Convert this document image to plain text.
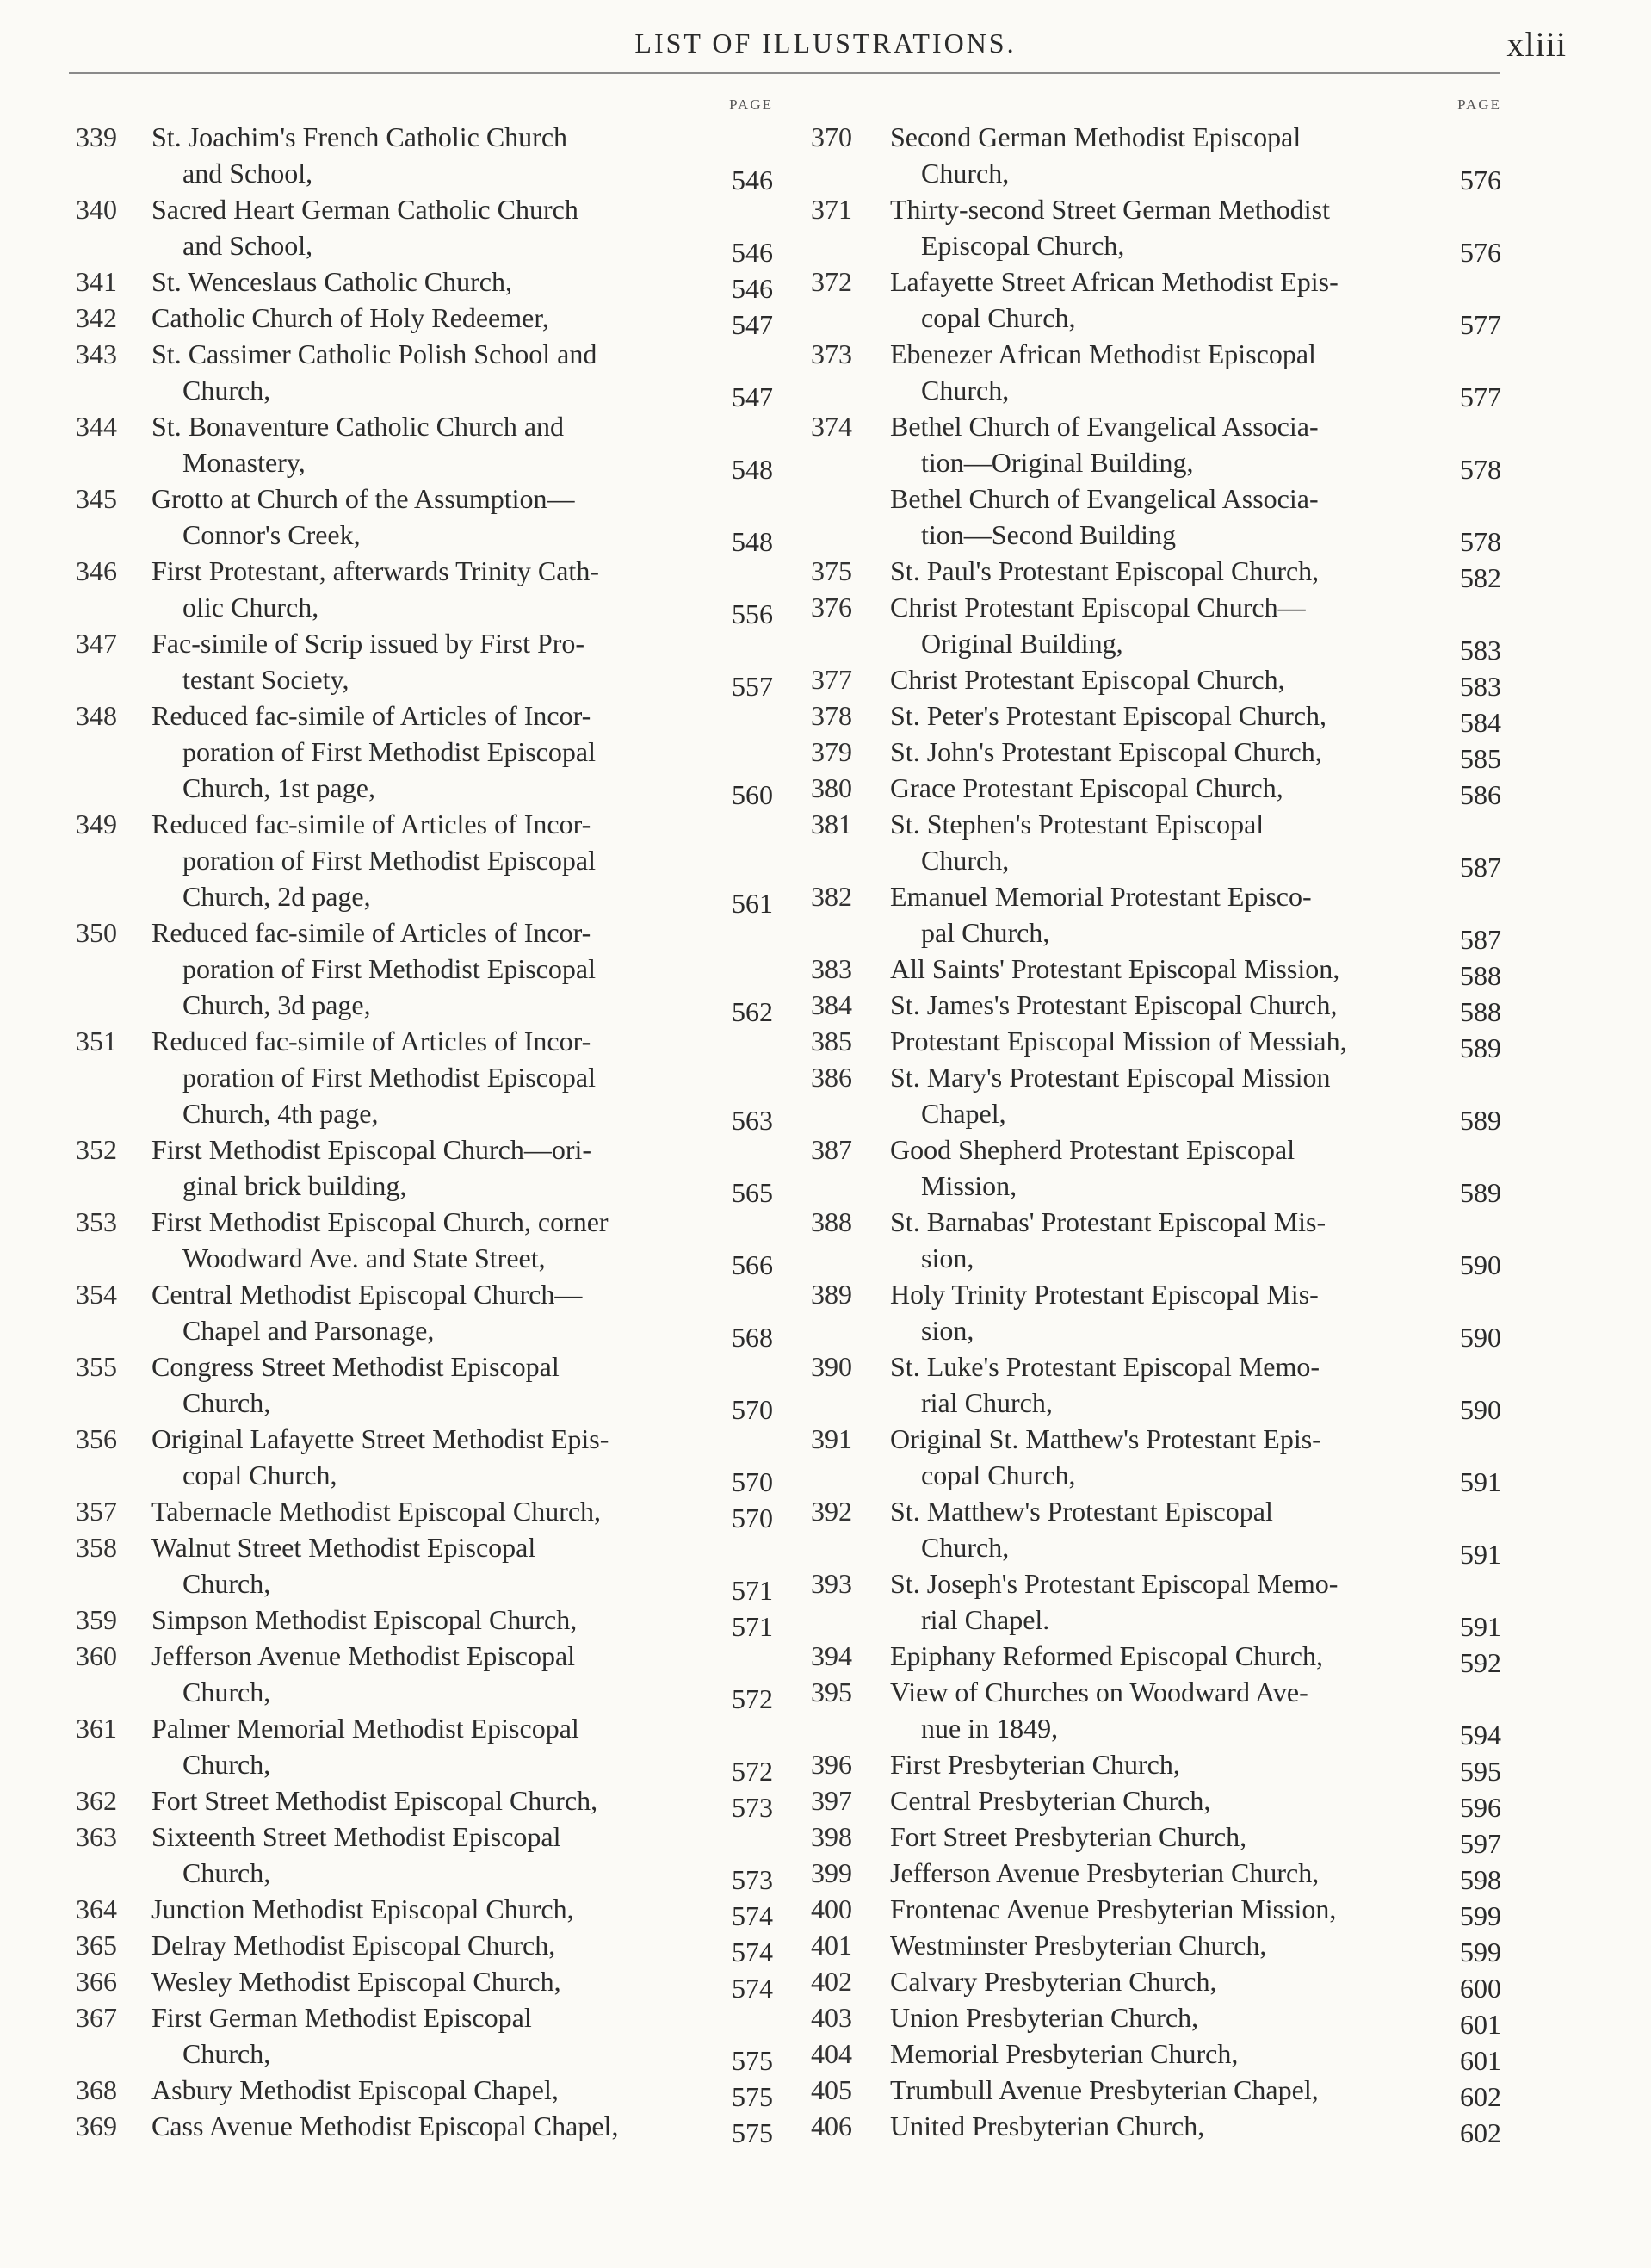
LIST OF ILLUSTRATIONS.	xliii
PAGE
339 St. Joachim's French Catholic Church
and School,	546
340 Sacred Heart German Catholic Church
and School,	546
341 St. Wenceslaus Catholic Church,	546
342 Catholic Church of Holy Redeemer,	547
343 St. Cassimer Catholic Polish School and
Church,	547
344 St. Bonaventure Catholic Church and
Monastery,	548
345 Grotto at Church of the Assumption—
Connor's Creek,	548
346 First Protestant, afterwards Trinity Cath-
olic Church,	556
347 Fac-simile of Scrip issued by First Pro-
testant Society,	557
348 Reduced fac-simile of Articles of Incor-
poration of First Methodist Episcopal
Church, 1st page,	560
349 Reduced fac-simile of Articles of Incor-
poration of First Methodist Episcopal
Church, 2d page,	561
350 Reduced fac-simile of Articles of Incor-
poration of First Methodist Episcopal
Church, 3d page,	562
351 Reduced fac-simile of Articles of Incor-
poration of First Methodist Episcopal
Church, 4th page,	563
352 First Methodist Episcopal Church—ori-
ginal brick building,	565
353 First Methodist Episcopal Church, corner
Woodward Ave. and State Street,	566
354 Central Methodist Episcopal Church—
Chapel and Parsonage,	568
355 Congress Street Methodist Episcopal
Church,	570
356 Original Lafayette Street Methodist Epis-
copal Church,	570
357 Tabernacle Methodist Episcopal Church,	570
358 Walnut Street Methodist Episcopal
Church,	571
359 Simpson Methodist Episcopal Church,	571
360 Jefferson Avenue Methodist Episcopal
Church,	572
361 Palmer Memorial Methodist Episcopal
Church,	572
362 Fort Street Methodist Episcopal Church,	573
363 Sixteenth Street Methodist Episcopal
Church,	573
364 Junction Methodist Episcopal Church,	574
365 Delray Methodist Episcopal Church,	574
366 Wesley Methodist Episcopal Church,	574
367 First German Methodist Episcopal
Church,	575
368 Asbury Methodist Episcopal Chapel,	575
369 Cass Avenue Methodist Episcopal Chapel,	575
PAGE
370 Second German Methodist Episcopal
Church,	576
371 Thirty-second Street German Methodist
Episcopal Church,	576
372 Lafayette Street African Methodist Epis-
copal Church,	577
373 Ebenezer African Methodist Episcopal
Church,	577
374 Bethel Church of Evangelical Associa-
tion—Original Building,	578
Bethel Church of Evangelical Associa-
tion—Second Building	578
375 St. Paul's Protestant Episcopal Church,	582
376 Christ Protestant Episcopal Church—
Original Building,	583
377 Christ Protestant Episcopal Church,	583
378 St. Peter's Protestant Episcopal Church,	584
379 St. John's Protestant Episcopal Church,	585
380 Grace Protestant Episcopal Church,	586
381 St. Stephen's Protestant Episcopal
Church,	587
382 Emanuel Memorial Protestant Episco-
pal Church,	587
383 All Saints' Protestant Episcopal Mission,	588
384 St. James's Protestant Episcopal Church,	588
385 Protestant Episcopal Mission of Messiah,	589
386 St. Mary's Protestant Episcopal Mission
Chapel,	589
387 Good Shepherd Protestant Episcopal
Mission,	589
388 St. Barnabas' Protestant Episcopal Mis-
sion,	590
389 Holy Trinity Protestant Episcopal Mis-
sion,	590
390 St. Luke's Protestant Episcopal Memo-
rial Church,	590
391 Original St. Matthew's Protestant Epis-
copal Church,	591
392 St. Matthew's Protestant Episcopal
Church,	591
393 St. Joseph's Protestant Episcopal Memo-
rial Chapel.	591
394 Epiphany Reformed Episcopal Church,	592
395 View of Churches on Woodward Ave-
nue in 1849,	594
396 First Presbyterian Church,	595
397 Central Presbyterian Church,	596
398 Fort Street Presbyterian Church,	597
399 Jefferson Avenue Presbyterian Church,	598
400 Frontenac Avenue Presbyterian Mission,	599
401 Westminster Presbyterian Church,	599
402 Calvary Presbyterian Church,	600
403 Union Presbyterian Church,	601
404 Memorial Presbyterian Church,	601
405 Trumbull Avenue Presbyterian Chapel,	602
406 United Presbyterian Church,	602
